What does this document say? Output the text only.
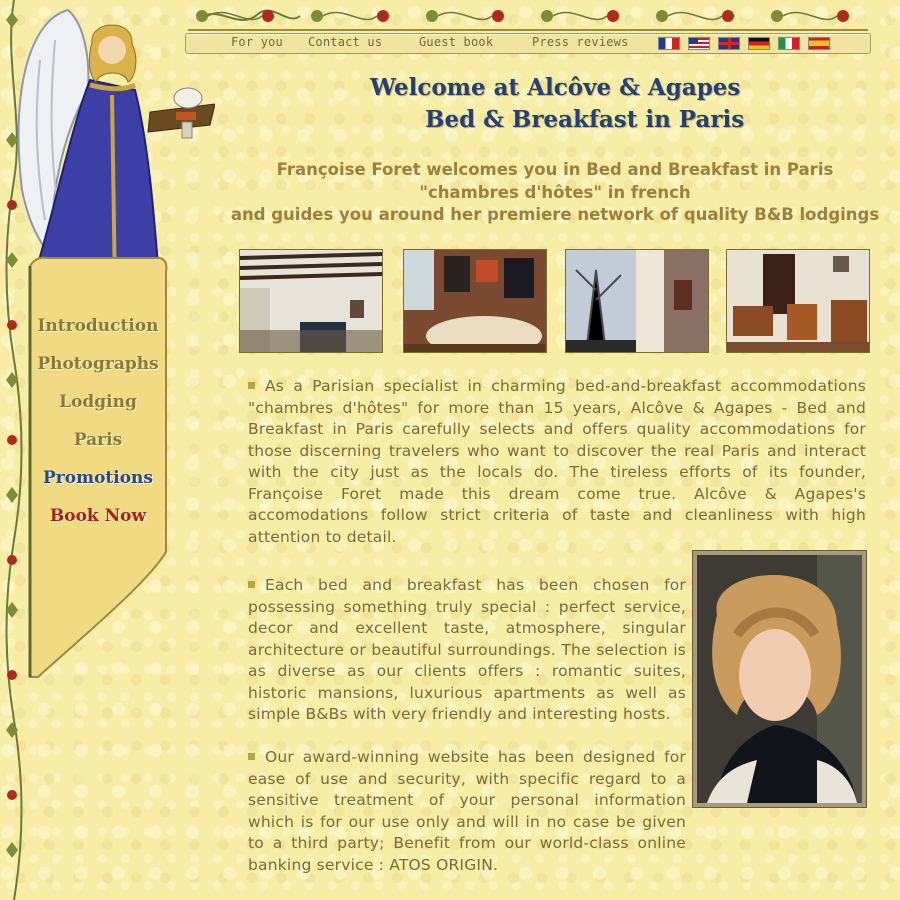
Introduction
Photographs
Lodging
Paris
Promotions
Book Now
For you Contact us	Guest book	Press reviews
Welcome at Alcôve & Agapes
Bed & Breakfast in Paris
Françoise Foret welcomes you in Bed and Breakfast in Paris
"chambres d'hôtes" in french
and guides you around her premiere network of quality B&B lodgings
As a Parisian specialist in charming bed-and-breakfast accommodations "chambres d'hôtes" for more than 15 years, Alcôve & Agapes - Bed and Breakfast in Paris carefully selects and offers quality accommodations for those discerning travelers who want to discover the real Paris and interact with the city just as the locals do. The tireless efforts of its founder, Françoise Foret made this dream come true. Alcôve & Agapes's accomodations follow strict criteria of taste and cleanliness with high attention to detail.
Each bed and breakfast has been chosen for possessing something truly special : perfect service, decor and excellent taste, atmosphere, singular architecture or beautiful surroundings. The selection is as diverse as our clients offers : romantic suites, historic mansions, luxurious apartments as well as simple B&Bs with very friendly and interesting hosts.
Our award-winning website has been designed for ease of use and security, with specific regard to a sensitive treatment of your personal information which is for our use only and will in no case be given to a third party; Benefit from our world-class online banking service : ATOS ORIGIN.
